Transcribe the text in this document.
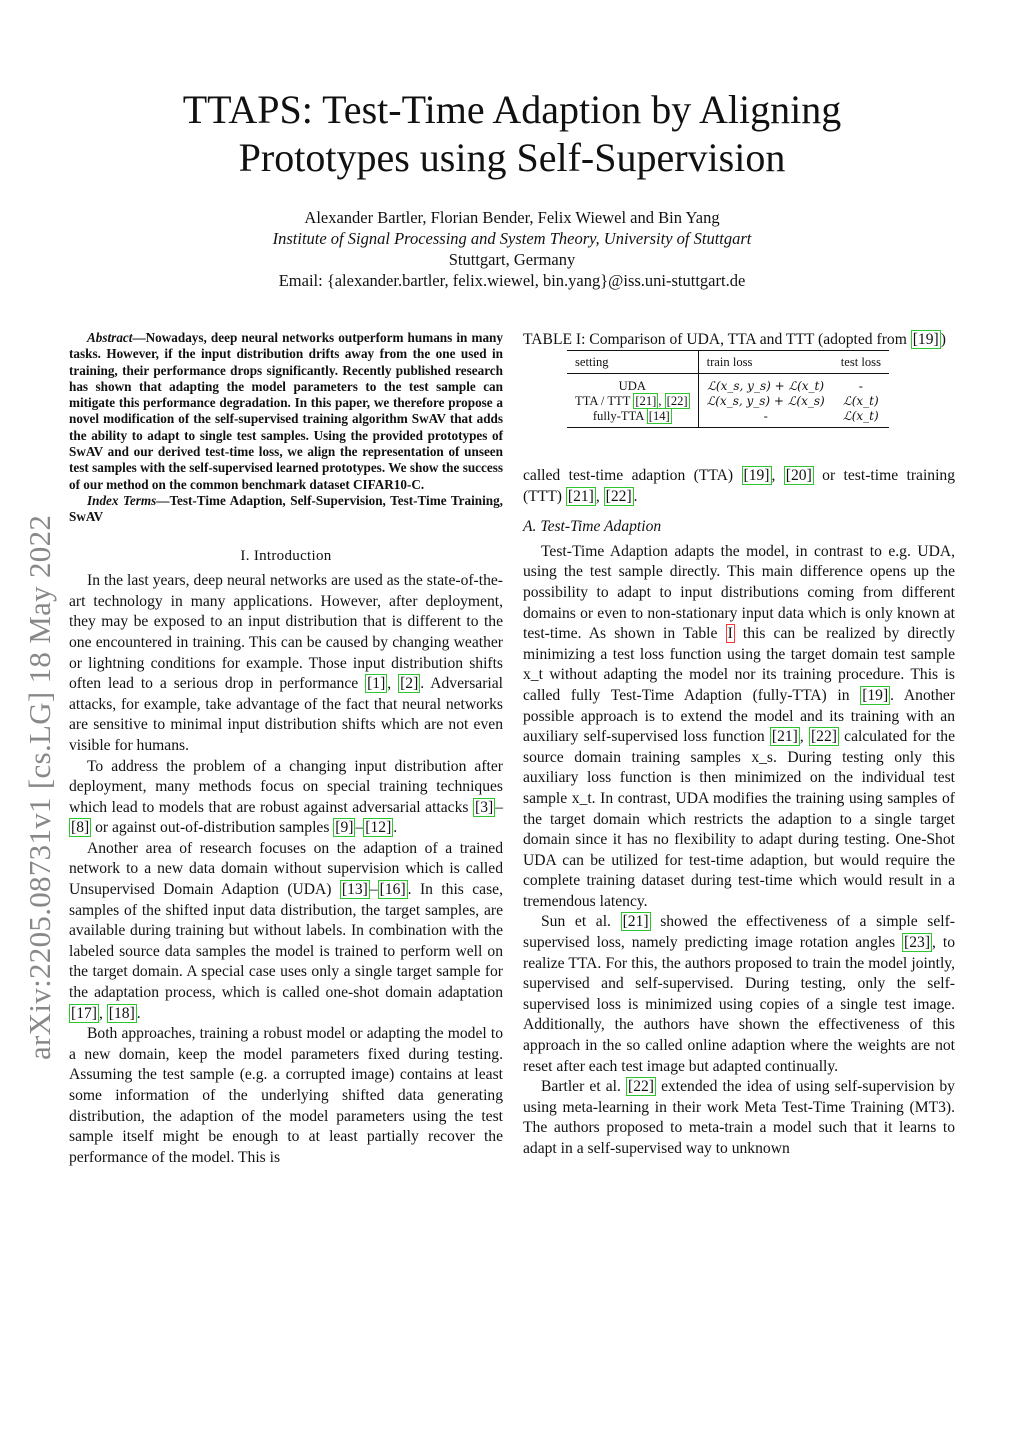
arXiv:2205.08731v1 [cs.LG] 18 May 2022
TTAPS: Test-Time Adaption by Aligning
Prototypes using Self-Supervision
Alexander Bartler, Florian Bender, Felix Wiewel and Bin Yang
Institute of Signal Processing and System Theory, University of Stuttgart
Stuttgart, Germany
Email: {alexander.bartler, felix.wiewel, bin.yang}@iss.uni-stuttgart.de

Abstract—Nowadays, deep neural networks outperform humans in many tasks. However, if the input distribution drifts away from the one used in training, their performance drops significantly. Recently published research has shown that adapting the model parameters to the test sample can mitigate this performance degradation. In this paper, we therefore propose a novel modification of the self-supervised training algorithm SwAV that adds the ability to adapt to single test samples. Using the provided prototypes of SwAV and our derived test-time loss, we align the representation of unseen test samples with the self-supervised learned prototypes. We show the success of our method on the common benchmark dataset CIFAR10-C.

Index Terms—Test-Time Adaption, Self-Supervision, Test-Time Training, SwAV

I. Introduction

In the last years, deep neural networks are used as the state-of-the-art technology in many applications. However, after deployment, they may be exposed to an input distribution that is different to the one encountered in training. This can be caused by changing weather or lightning conditions for example. Those input distribution shifts often lead to a serious drop in performance [1] , [2] . Adversarial attacks, for example, take advantage of the fact that neural networks are sensitive to minimal input distribution shifts which are not even visible for humans.

To address the problem of a changing input distribution after deployment, many methods focus on special training techniques which lead to models that are robust against adversarial attacks [3] –[8] or against out-of-distribution samples [9] – [12] .

Another area of research focuses on the adaption of a trained network to a new data domain without supervision which is called Unsupervised Domain Adaption (UDA) [13] – [16] . In this case, samples of the shifted input data distribution, the target samples, are available during training but without labels. In combination with the labeled source data samples the model is trained to perform well on the target domain. A special case uses only a single target sample for the adaptation process, which is called one-shot domain adaptation [17] , [18] .

Both approaches, training a robust model or adapting the model to a new domain, keep the model parameters fixed during testing. Assuming the test sample (e.g. a corrupted image) contains at least some information of the underlying shifted data generating distribution, the adaption of the model parameters using the test sample itself might be enough to at least partially recover the performance of the model. This is

TABLE I: Comparison of UDA, TTA and TTT (adopted from [19] )

setting	train loss	test loss
UDA	ℒ(x_s, y_s) + ℒ(x_t)	-
TTA / TTT [21] , [22]	ℒ(x_s, y_s) + ℒ(x_s)	ℒ(x_t)
fully-TTA [14]	-	ℒ(x_t)

called test-time adaption (TTA) [19] , [20] or test-time training (TTT) [21] , [22] .

A. Test-Time Adaption

Test-Time Adaption adapts the model, in contrast to e.g. UDA, using the test sample directly. This main difference opens up the possibility to adapt to input distributions coming from different domains or even to non-stationary input data which is only known at test-time. As shown in Table I this can be realized by directly minimizing a test loss function using the target domain test sample x_t without adapting the model nor its training procedure. This is called fully Test-Time Adaption (fully-TTA) in [19] . Another possible approach is to extend the model and its training with an auxiliary self-supervised loss function [21] , [22] calculated for the source domain training samples x_s. During testing only this auxiliary loss function is then minimized on the individual test sample x_t. In contrast, UDA modifies the training using samples of the target domain which restricts the adaption to a single target domain since it has no flexibility to adapt during testing. One-Shot UDA can be utilized for test-time adaption, but would require the complete training dataset during test-time which would result in a tremendous latency.

Sun et al. [21] showed the effectiveness of a simple self-supervised loss, namely predicting image rotation angles [23] , to realize TTA. For this, the authors proposed to train the model jointly, supervised and self-supervised. During testing, only the self-supervised loss is minimized using copies of a single test image. Additionally, the authors have shown the effectiveness of this approach in the so called online adaption where the weights are not reset after each test image but adapted continually.

Bartler et al. [22] extended the idea of using self-supervision by using meta-learning in their work Meta Test-Time Training (MT3). The authors proposed to meta-train a model such that it learns to adapt in a self-supervised way to unknown
